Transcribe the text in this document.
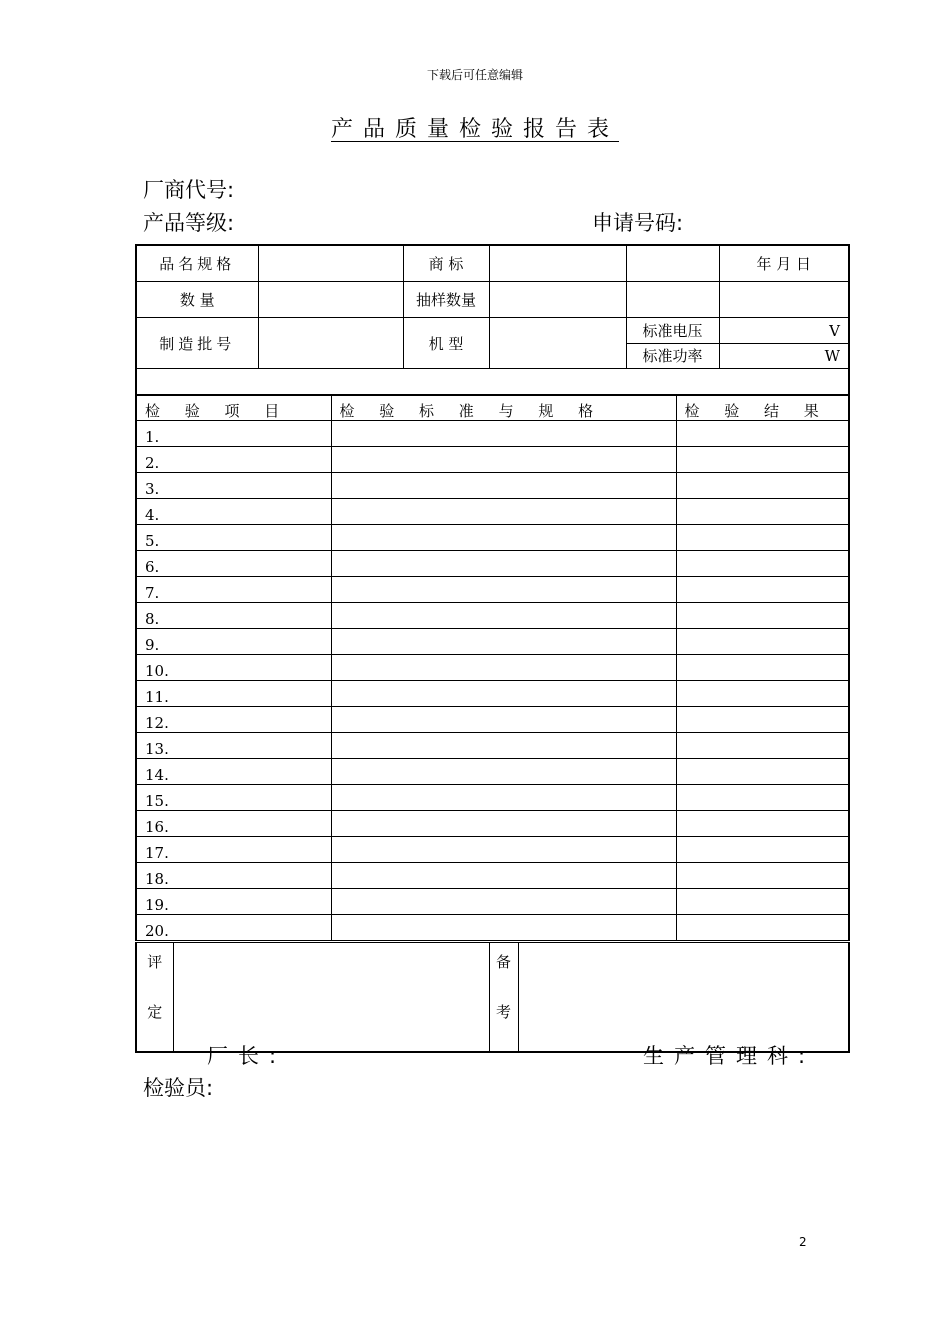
下载后可任意编辑
产品质量检验报告表
厂商代号:
产品等级:	申请号码:
品名规格		商 标			年 月 日
数 量		抽样数量			
制造批号		机 型		标准电压	V
				标准功率	W

检 验 项 目	检 验 标 准 与 规 格	检 验 结 果
1.		
2.		
3.		
4.		
5.		
6.		
7.		
8.		
9.		
10.		
11.		
12.		
13.		
14.		
15.		
16.		
17.		
18.		
19.		
20.		
评
定

备
考

厂长:	生产管理科:
检验员:
2
